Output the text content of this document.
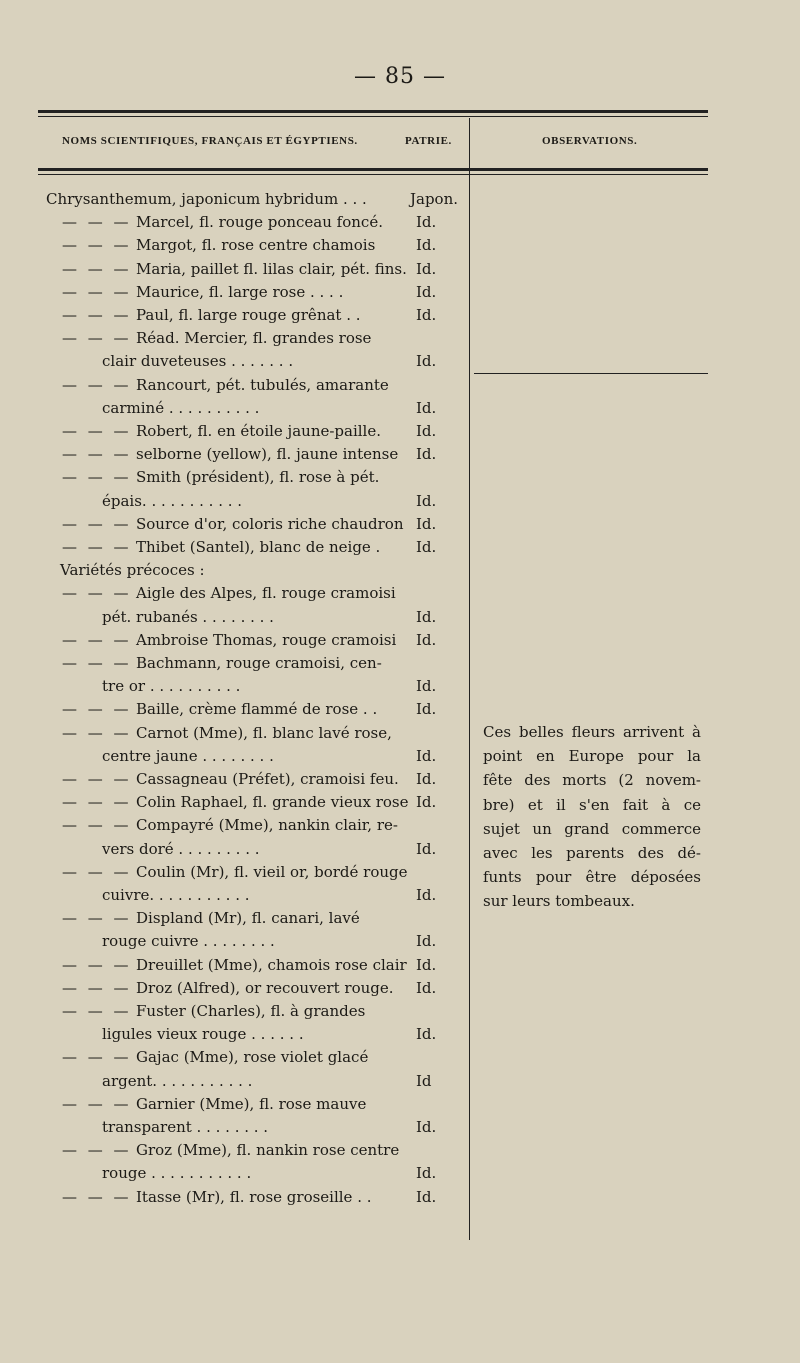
— 85 —
NOMS SCIENTIFIQUES, FRANÇAIS ET ÉGYPTIENS.	PATRIE.	OBSERVATIONS.
Chrysanthemum, japonicum hybridum . . .	Japon.
— — — Marcel, fl. rouge ponceau foncé. Id.
— — — Margot, fl. rose centre chamois	Id.
— — — Maria, paillet fl. lilas clair, pét. fins. Id.
— — — Maurice, fl. large rose . . . .	Id.
— — — Paul, fl. large rouge grênat . .	Id.
— — — Réad. Mercier, fl. grandes rose
clair duveteuses . . . . . . .	Id.
— — — Rancourt, pét. tubulés, amarante
carminé . . . . . . . . . .	Id.
— — — Robert, fl. en étoile jaune-paille. Id.
— — — selborne (yellow), fl. jaune intense Id.
— — — Smith (président), fl. rose à pét.
épais. . . . . . . . . . .	Id.
— — — Source d'or, coloris riche chaudron Id.
— — — Thibet (Santel), blanc de neige . Id.
Variétés précoces :
— — — Aigle des Alpes, fl. rouge cramoisi
pét. rubanés . . . . . . . .	Id.
— — — Ambroise Thomas, rouge cramoisi Id.
— — — Bachmann, rouge cramoisi, cen-
tre or . . . . . . . . . .	Id.
— — — Baille, crème flammé de rose . .	Id.
— — — Carnot (Mme), fl. blanc lavé rose,
centre jaune . . . . . . . .	Id.
— — — Cassagneau (Préfet), cramoisi feu. Id.
— — — Colin Raphael, fl. grande vieux rose Id.
— — — Compayré (Mme), nankin clair, re-
vers doré . . . . . . . . .	Id.
— — — Coulin (Mr), fl. vieil or, bordé rouge
cuivre. . . . . . . . . . .	Id.
— — — Displand (Mr), fl. canari, lavé
rouge cuivre . . . . . . . .	Id.
— — — Dreuillet (Mme), chamois rose clair Id.
— — — Droz (Alfred), or recouvert rouge. Id.
— — — Fuster (Charles), fl. à grandes
ligules vieux rouge . . . . . .	Id.
— — — Gajac (Mme), rose violet glacé
argent. . . . . . . . . . .	Id
— — — Garnier (Mme), fl. rose mauve
transparent . . . . . . . .	Id.
— — — Groz (Mme), fl. nankin rose centre
rouge . . . . . . . . . . .	Id.
— — — Itasse (Mr), fl. rose groseille . .	Id.
Ces belles fleurs arrivent à
point en Europe pour la
fête des morts (2 novem-
bre) et il s'en fait à ce
sujet un grand commerce
avec les parents des dé-
funts pour être déposées
sur leurs tombeaux.
